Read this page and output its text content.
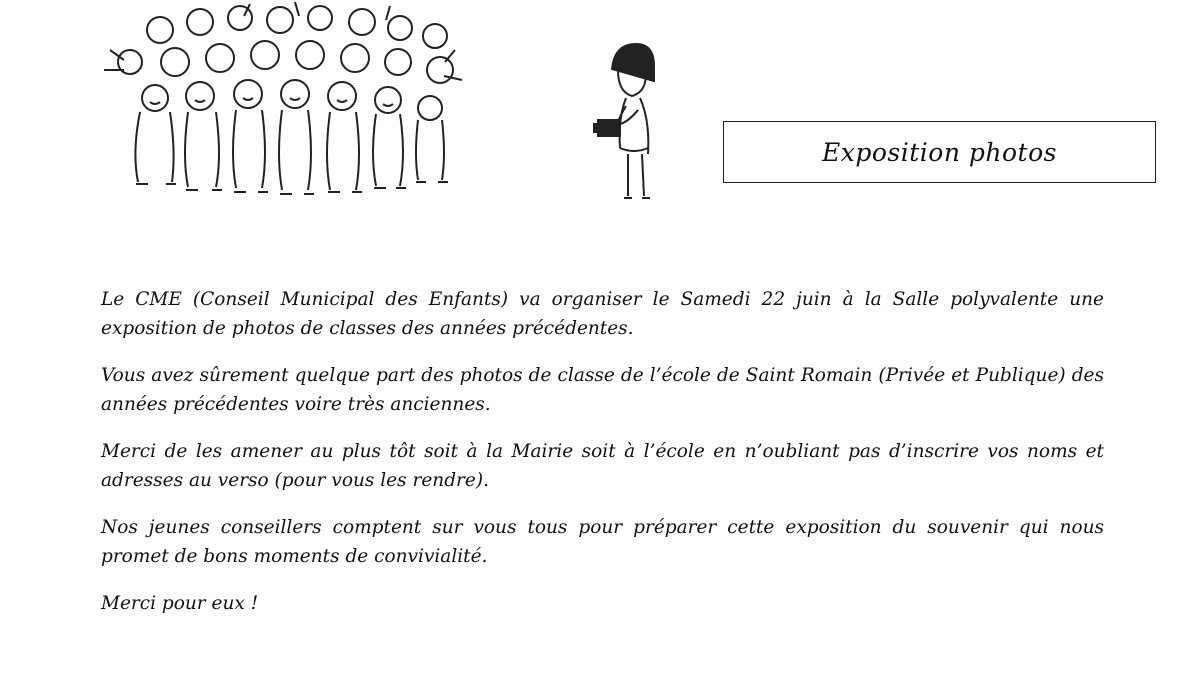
Exposition photos

Le CME (Conseil Municipal des Enfants) va organiser le Samedi 22 juin à la Salle polyvalente une exposition de photos de classes des années précédentes.

Vous avez sûrement quelque part des photos de classe de l’école de Saint Romain (Privée et Publique) des années précédentes voire très anciennes.

Merci de les amener au plus tôt soit à la Mairie soit à l’école en n’oubliant pas d’inscrire vos noms et adresses au verso (pour vous les rendre).

Nos jeunes conseillers comptent sur vous tous pour préparer cette exposition du souvenir qui nous promet de bons moments de convivialité.

Merci pour eux !
